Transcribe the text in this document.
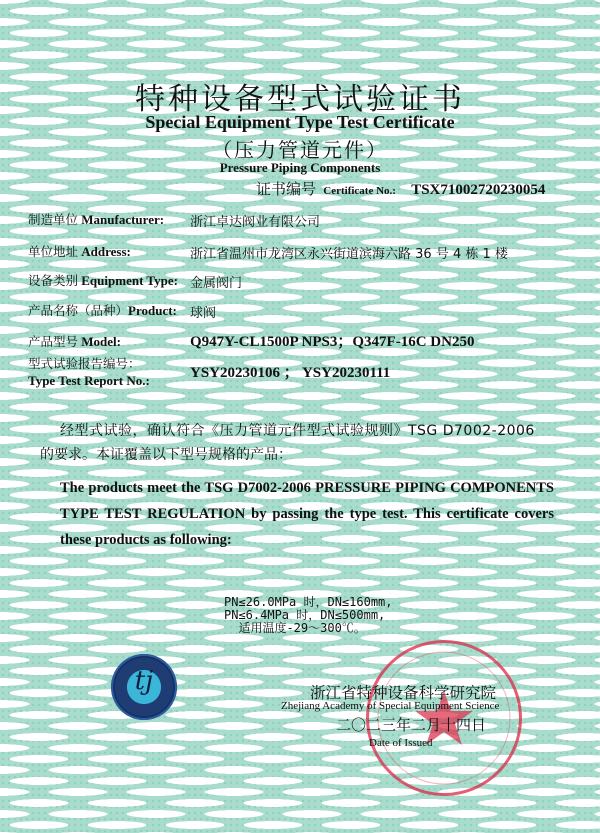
特种设备型式试验证书
Special Equipment Type Test Certificate
（压力管道元件）
Pressure Piping Components
证书编号 Certificate No.: TSX71002720230054
制造单位 Manufacturer: 浙江卓达阀业有限公司
单位地址 Address:	浙江省温州市龙湾区永兴街道滨海六路 36 号 4 栋 1 楼
设备类别 Equipment Type: 金属阀门
产品名称（品种）Product: 球阀
产品型号 Model:	Q947Y-CL1500P NPS3；Q347F-16C DN250
型式试验报告编号：
Type Test Report No.:	YSY20230106 ； YSY20230111
经型式试验，确认符合《压力管道元件型式试验规则》TSG D7002-2006
的要求。本证覆盖以下型号规格的产品：
The products meet the TSG D7002-2006 PRESSURE PIPING COMPONENTS TYPE TEST REGULATION by passing the type test. This certificate covers these products as following:
PN≤26.0MPa 时，DN≤160mm,
PN≤6.4MPa 时，DN≤500mm,
适用温度-29～300℃。
tj	浙江省特种设备科学研究院
Zhejiang Academy of Special Equipment Science
二〇二三年二月十四日
Date of Issued
